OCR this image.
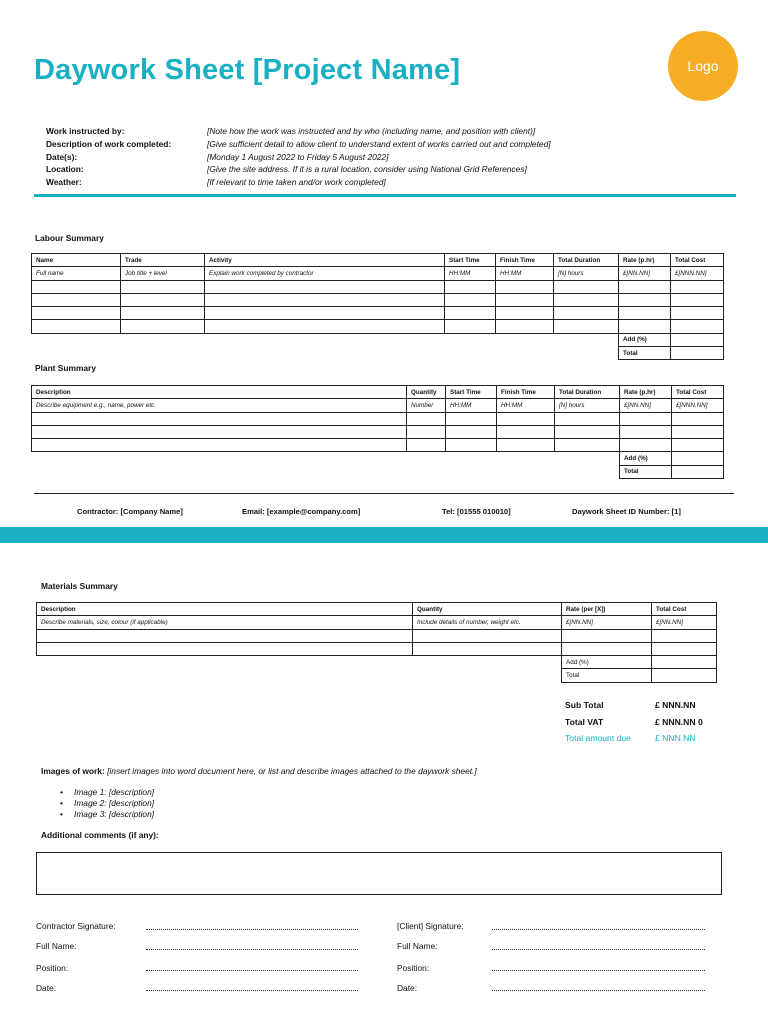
Daywork Sheet [Project Name]	Logo
Work instructed by:	[Note how the work was instructed and by who (including name, and position with client)]
Description of work completed:	[Give sufficient detail to allow client to understand extent of works carried out and completed]
Date(s):	[Monday 1 August 2022 to Friday 5 August 2022]
Location:	[Give the site address. If it is a rural location, consider using National Grid References]
Weather:	[If relevant to time taken and/or work completed]
Labour Summary
Name	Trade	Activity	Start Time	Finish Time	Total Duration	Rate (p.hr)	Total Cost
Full name	Job title + level	Explain work completed by contractor	HH:MM	HH:MM	[N] hours	£[NN.NN]	£[NNN.NN]

						Add (%)	
						Total	
Plant Summary
Description	Quantity	Start Time	Finish Time	Total Duration	Rate (p.hr)	Total Cost
Describe equipment e.g., name, power etc.	Number	HH:MM	HH:MM	[N] hours	£[NN.NN]	£[NNN.NN]

					Add (%)	
					Total	
Contractor: [Company Name]	Email: [example@company.com]	Tel: [01555 010010]	Daywork Sheet ID Number: [1]
Materials Summary
Description	Quantity	Rate (per [X])	Total Cost
Describe materials, size, colour (if applicable)	Include details of number, weight etc.	£[NN.NN]	£[NN.NN]

		Add (%)	
		Total	
Sub Total	£ NNN.NN
Total VAT	£ NNN.NN 0
Total amount due	£ NNN.NN
Images of work: [insert images into word document here, or list and describe images attached to the daywork sheet.]
•	Image 1: [description]
•	Image 2: [description]
•	Image 3: [description]
Additional comments (if any):
Contractor Signature:
Full Name:
Position:
Date:
[Client] Signature:
Full Name:
Position:
Date:
